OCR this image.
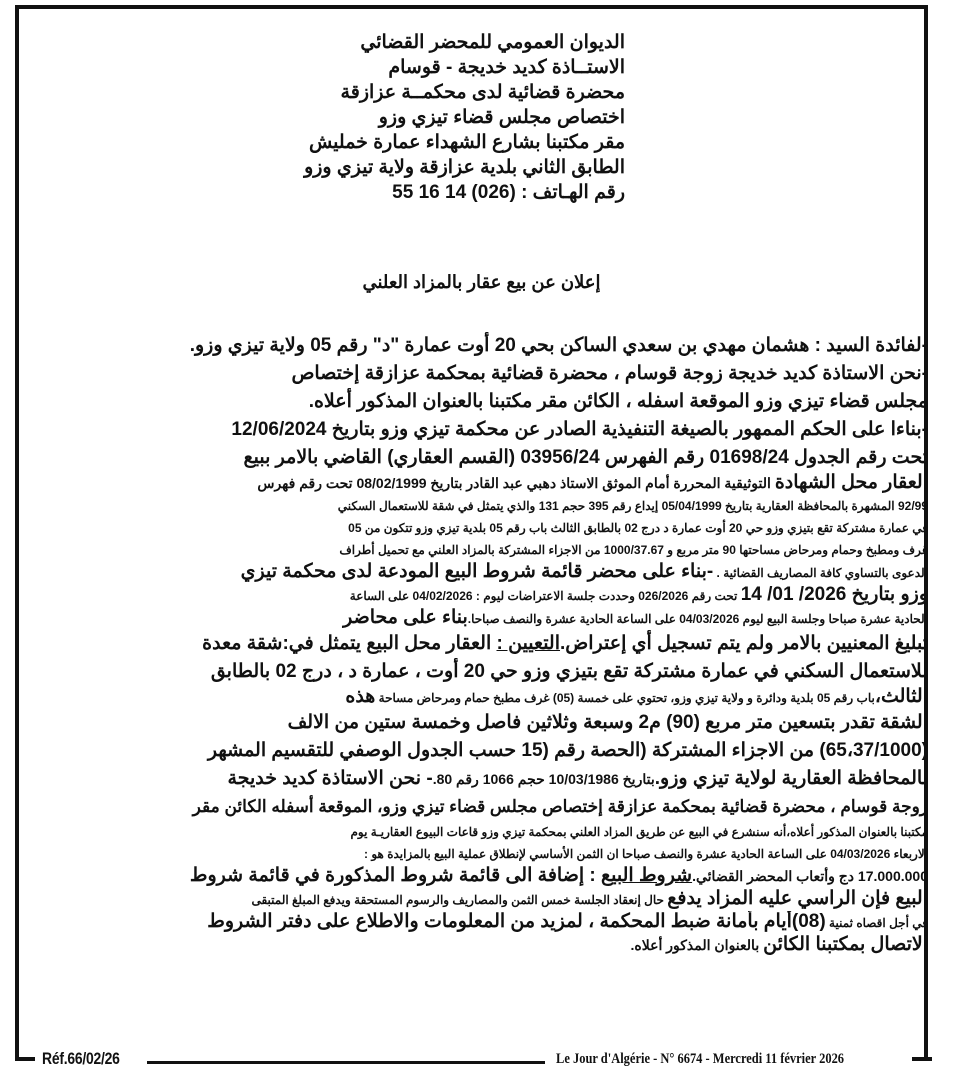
الديوان العمومي للمحضر القضائي
الاستــاذة كديد خديجة - قوسام
محضرة قضائية لدى محكمــة عزازقة
اختصاص مجلس قضاء تيزي وزو
مقر مكتبنا بشارع الشهداء عمارة خمليش
الطابق الثاني بلدية عزازقة ولاية تيزي وزو
رقم الهـاتف : (026) 14 16 55
إعلان عن بيع عقار بالمزاد العلني
-لفائدة السيد : هشمان مهدي بن سعدي الساكن بحي 20 أوت عمارة "د" رقم 05 ولاية تيزي وزو.
-نحن الاستاذة كديد خديجة زوجة قوسام ، محضرة قضائية بمحكمة عزازقة إختصاص
مجلس قضاء تيزي وزو الموقعة اسفله ، الكائن مقر مكتبنا بالعنوان المذكور أعلاه.
-بناءا على الحكم الممهور بالصيغة التنفيذية الصادر عن محكمة تيزي وزو بتاريخ 12/06/2024
تحت رقم الجدول 01698/24 رقم الفهرس 03956/24 (القسم العقاري) القاضي بالامر ببيع
العقار محل الشهادة التوثيقية المحررة أمام الموثق الاستاذ دهبي عبد القادر بتاريخ 08/02/1999 تحت رقم فهرس
92/99 المشهرة بالمحافظة العقارية بتاريخ 05/04/1999 إيداع رقم 395 حجم 131 والذي يتمثل في شقة للاستعمال السكني
في عمارة مشتركة تقع بتيزي وزو حي 20 أوت عمارة د درج 02 بالطابق الثالث باب رقم 05 بلدية تيزي وزو تتكون من 05
غرف ومطبخ وحمام ومرحاض مساحتها 90 متر مربع و 1000/37.67 من الاجزاء المشتركة بالمزاد العلني مع تحميل أطراف
الدعوى بالتساوي كافة المصاريف القضائية . -بناء على محضر قائمة شروط البيع المودعة لدى محكمة تيزي
وزو بتاريخ 2026/ 01/ 14 تحت رقم 026/2026 وحددت جلسة الاعتراضات ليوم : 04/02/2026 على الساعة
الحادية عشرة صباحا وجلسة البيع ليوم 04/03/2026 على الساعة الحادية عشرة والنصف صباحا.بناء على محاضر
تبليغ المعنيين بالامر ولم يتم تسجيل أي إعتراض.التعيين : العقار محل البيع يتمثل في:شقة معدة
للاستعمال السكني في عمارة مشتركة تقع بتيزي وزو حي 20 أوت ، عمارة د ، درج 02 بالطابق
الثالث،باب رقم 05 بلدية ودائرة و ولاية تيزي وزو، تحتوي على خمسة (05) غرف مطبخ حمام ومرحاض مساحة هذه
الشقة تقدر بتسعين متر مربع (90) م2 وسبعة وثلاثين فاصل وخمسة ستين من الالف
(65،37/1000) من الاجزاء المشتركة (الحصة رقم (15 حسب الجدول الوصفي للتقسيم المشهر
بالمحافظة العقارية لولاية تيزي وزو.بتاريخ 10/03/1986 حجم 1066 رقم 80.- نحن الاستاذة كديد خديجة
زوجة قوسام ، محضرة قضائية بمحكمة عزازقة إختصاص مجلس قضاء تيزي وزو، الموقعة أسفله الكائن مقر
مكتبنا بالعنوان المذكور أعلاه،أنه سنشرع في البيع عن طريق المزاد العلني بمحكمة تيزي وزو قاعات البيوع العقاريـة يوم
الاربعاء 04/03/2026 على الساعة الحادية عشرة والنصف صباحا ان الثمن الأساسي لإنطلاق عملية البيع بالمزايدة هو :
17.000.000 دج وأتعاب المحضر القضائي.شروط البيع : إضافة الى قائمة شروط المذكورة في قائمة شروط
البيع فإن الراسي عليه المزاد يدفع حال إنعقاد الجلسة خمس الثمن والمصاريف والرسوم المستحقة ويدفع المبلغ المتبقى
في أجل اقصاه ثمنية (08)أيام بأمانة ضبط المحكمة ، لمزيد من المعلومات والاطلاع على دفتر الشروط
الاتصال بمكتبنا الكائن بالعنوان المذكور أعلاه.
Réf.66/02/26	Le Jour d'Algérie - N° 6674 - Mercredi 11 février 2026
